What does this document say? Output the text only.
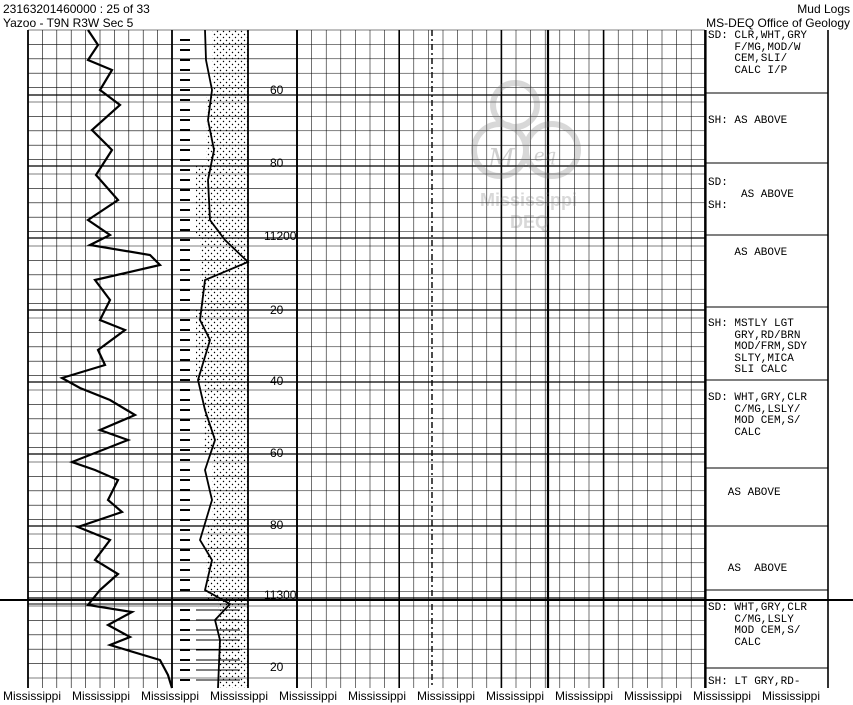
23163201460000 : 25 of 33
Yazoo - T9N R3W Sec 5
Mud Logs
MS-DEQ Office of Geology
M eq
Mississippi
DEQ
60
80
11200
20
40
60
80
11300
20
SD: CLR,WHT,GRY
F/MG,MOD/W
CEM,SLI/
CALC I/P
SH: AS ABOVE
SD:
AS ABOVE
SH:
AS ABOVE
SH: MSTLY LGT
GRY,RD/BRN
MOD/FRM,SDY
SLTY,MICA
SLI CALC
SD: WHT,GRY,CLR
C/MG,LSLY/
MOD CEM,S/
CALC
AS ABOVE
AS  ABOVE
SD: WHT,GRY,CLR
C/MG,LSLY
MOD CEM,S/
CALC
SH: LT GRY,RD-
Mississippi Mississippi Mississippi Mississippi Mississippi Mississippi Mississippi Mississippi Mississippi Mississippi Mississippi Mississippi
